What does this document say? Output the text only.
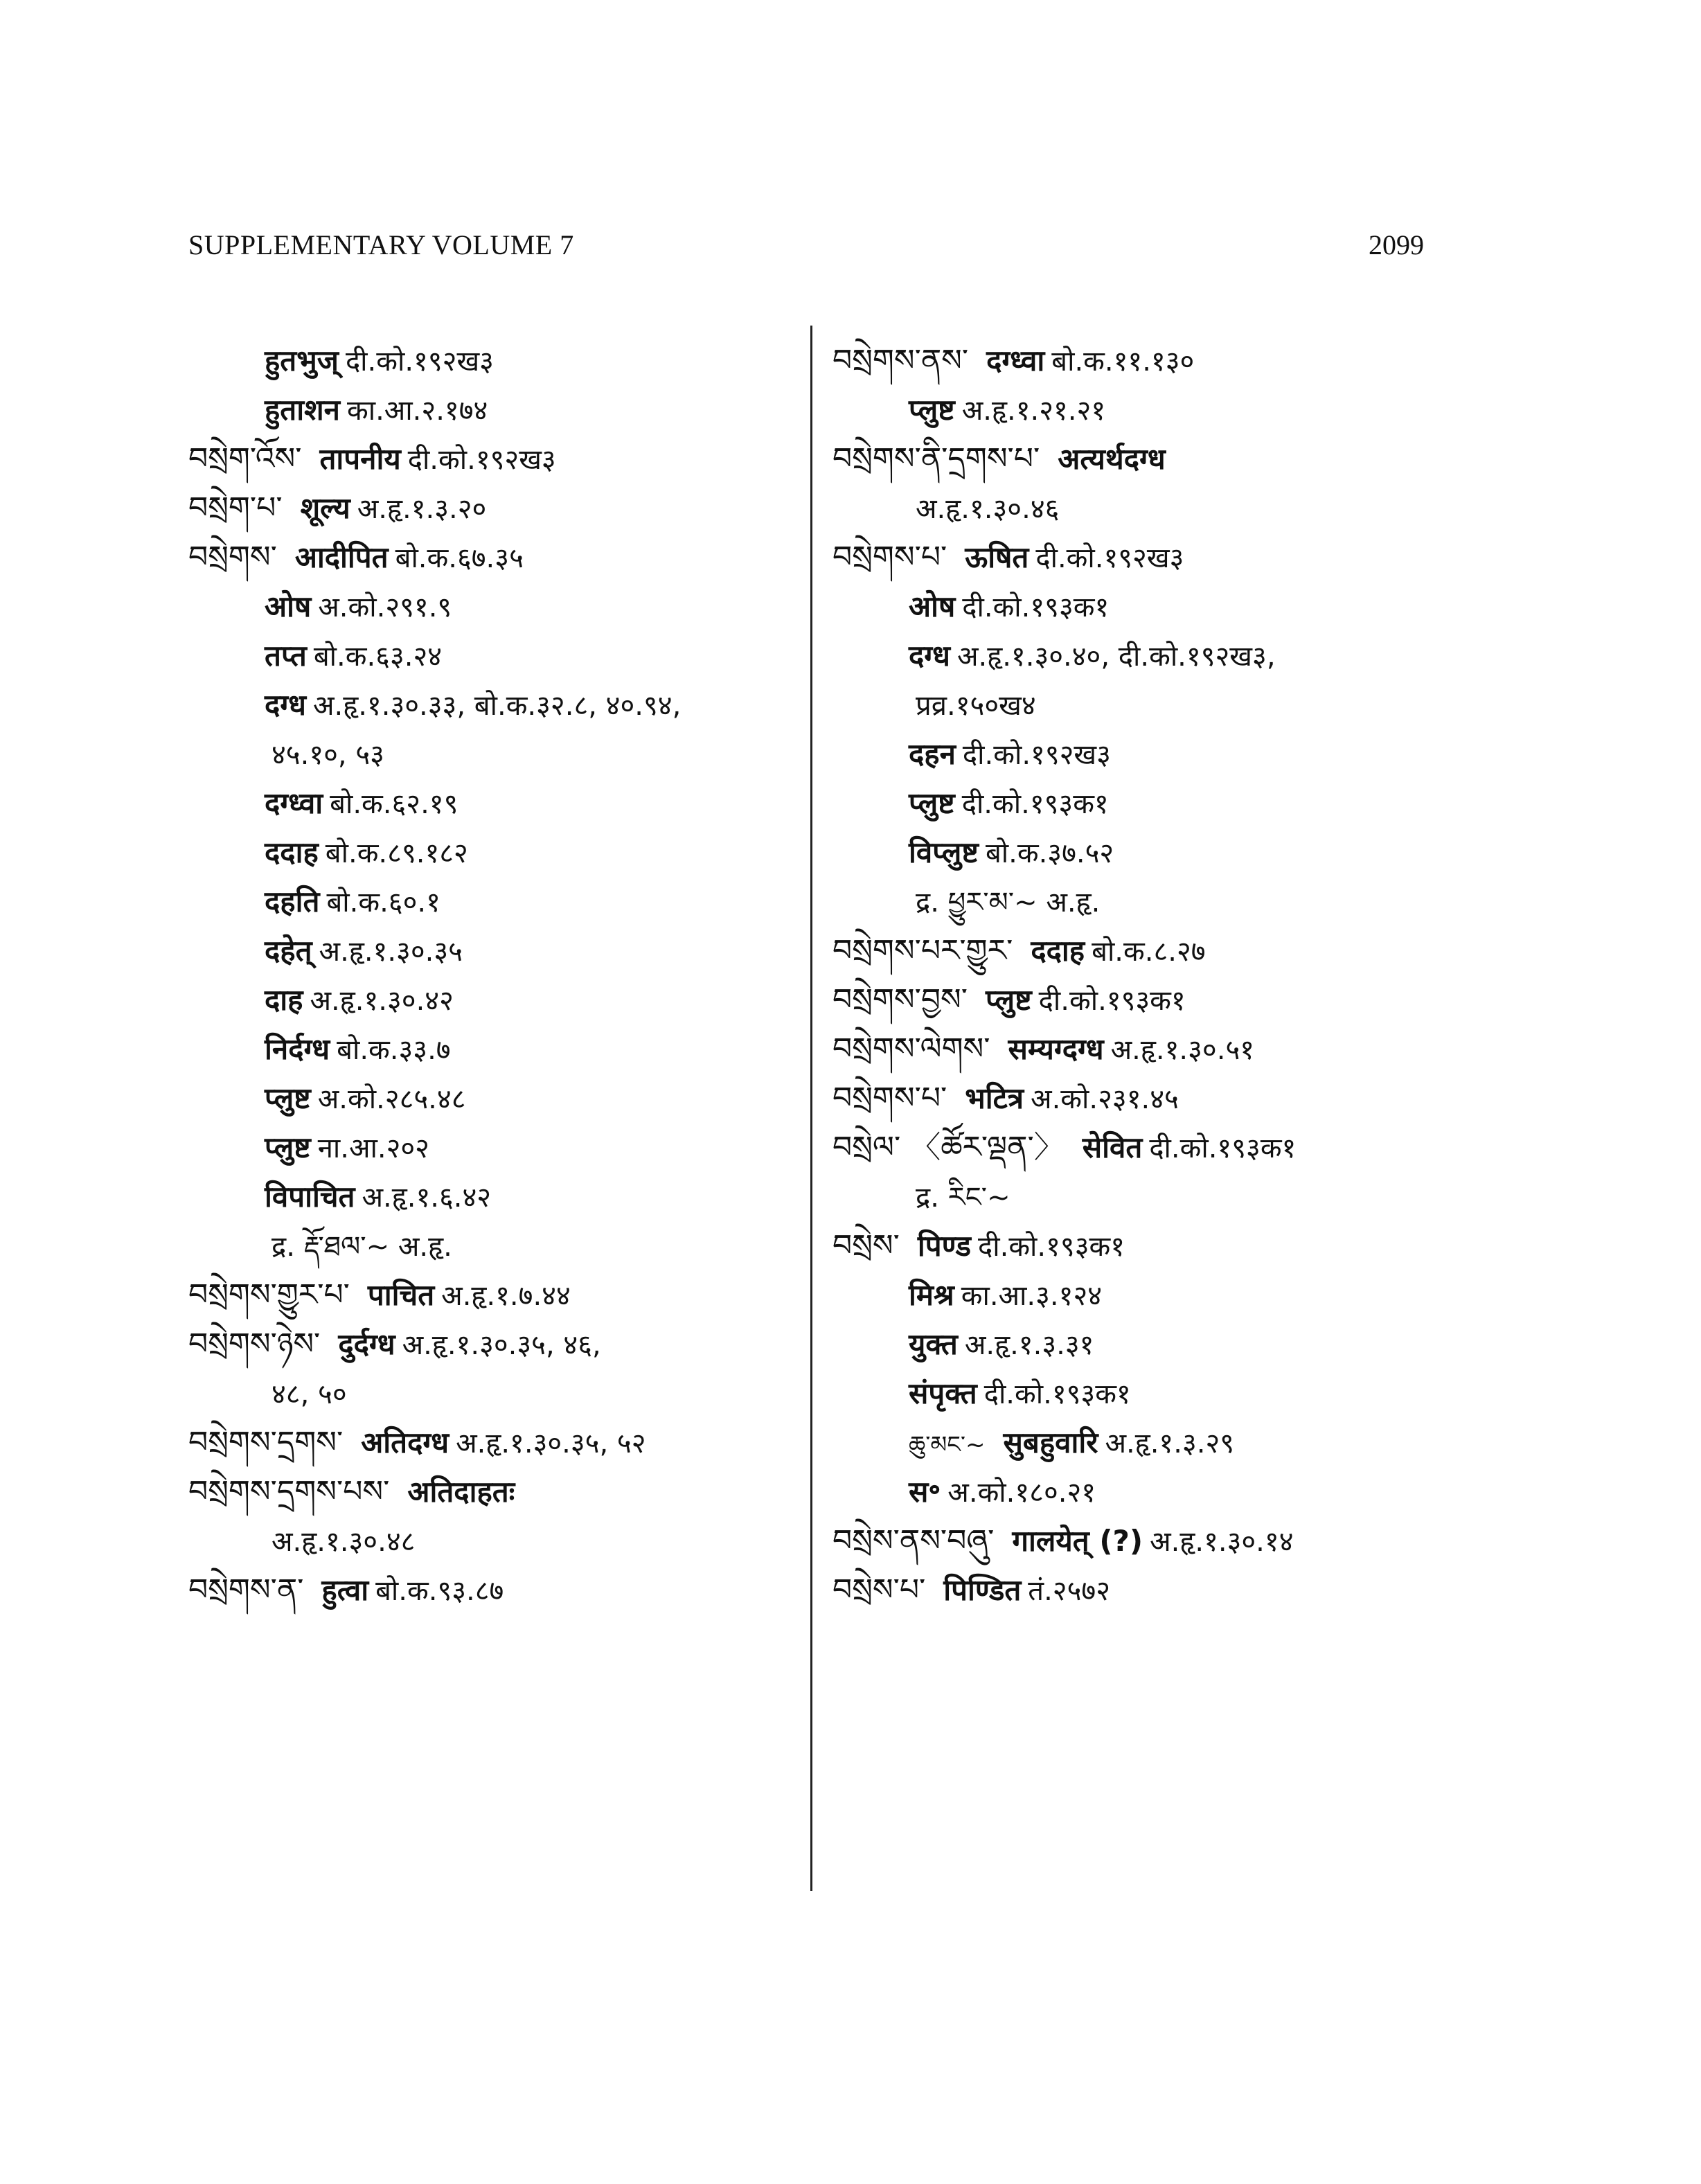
SUPPLEMENTARY VOLUME 7	2099
हुतभुज् दी.को.१९२ख३
हुताशन का.आ.२.१७४
བསྲེག་འོས་ तापनीय दी.को.१९२ख३
བསྲེག་པ་ शूल्य अ.हृ.१.३.२०
བསྲེགས་ आदीपित बो.क.६७.३५
ओष अ.को.२९१.९
तप्त बो.क.६३.२४
दग्ध अ.हृ.१.३०.३३, बो.क.३२.८, ४०.९४,
४५.१०, ५३
दग्ध्वा बो.क.६२.१९
ददाह बो.क.८९.१८२
दहति बो.क.६०.१
दहेत् अ.हृ.१.३०.३५
दाह अ.हृ.१.३०.४२
निर्दग्ध बो.क.३३.७
प्लुष्ट अ.को.२८५.४८
प्लुष्ट ना.आ.२०२
विपाचित अ.हृ.१.६.४२
द्र. རྡོ་ཐལ་~ अ.हृ.
བསྲེགས་གྱུར་པ་ पाचित अ.हृ.१.७.४४
བསྲེགས་ཉེས་ दुर्दग्ध अ.हृ.१.३०.३५, ४६,
४८, ५०
བསྲེགས་དྲགས་ अतिदग्ध अ.हृ.१.३०.३५, ५२
བསྲེགས་དྲགས་པས་ अतिदाहतः
अ.हृ.१.३०.४८
བསྲེགས་ན་ हुत्वा बो.क.९३.८७
བསྲེགས་ནས་ दग्ध्वा बो.क.११.१३०
प्लुष्ट अ.हृ.१.२१.२१
བསྲེགས་ནི་དྲགས་པ་ अत्यर्थदग्ध
अ.हृ.१.३०.४६
བསྲེགས་པ་ ऊषित दी.को.१९२ख३
ओष दी.को.१९३क१
दग्ध अ.हृ.१.३०.४०, दी.को.१९२ख३,
प्रव्र.१५०ख४
दहन दी.को.१९२ख३
प्लुष्ट दी.को.१९३क१
विप्लुष्ट बो.क.३७.५२
द्र. ཕྱུར་མ་~ अ.हृ.
བསྲེགས་པར་གྱུར་ ददाह बो.क.८.२७
བསྲེགས་བྱས་ प्लुष्ट दी.को.१९३क१
བསྲེགས་ལེགས་ सम्यग्दग्ध अ.हृ.१.३०.५१
བསྲེགས་པ་ भटित्र अ.को.२३१.४५
བསྲེལ་ 〈ཚོར་ལྡན་〉 सेवित दी.को.१९३क१
द्र. རིང་~
བསྲེས་ पिण्ड दी.को.१९३क१
मिश्र का.आ.३.१२४
युक्त अ.हृ.१.३.३१
संपृक्त दी.को.१९३क१
ཆུ་མང་~ सुबहुवारि अ.हृ.१.३.२९
स॰ अ.को.१८०.२१
བསྲེས་ནས་བཞུ་ गालयेत् (?) अ.हृ.१.३०.१४
བསྲེས་པ་ पिण्डित तं.२५७२
